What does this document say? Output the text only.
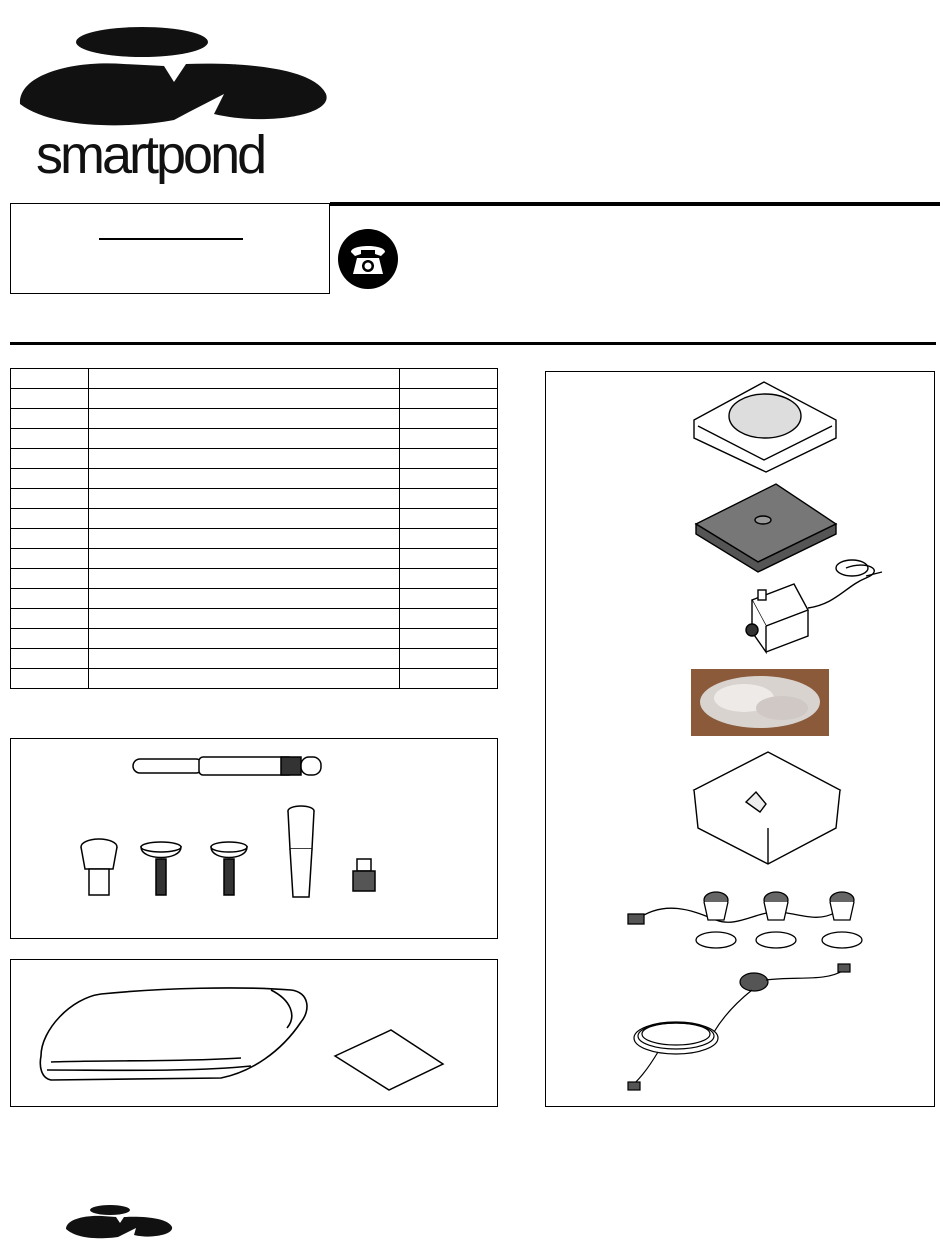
smartpond
